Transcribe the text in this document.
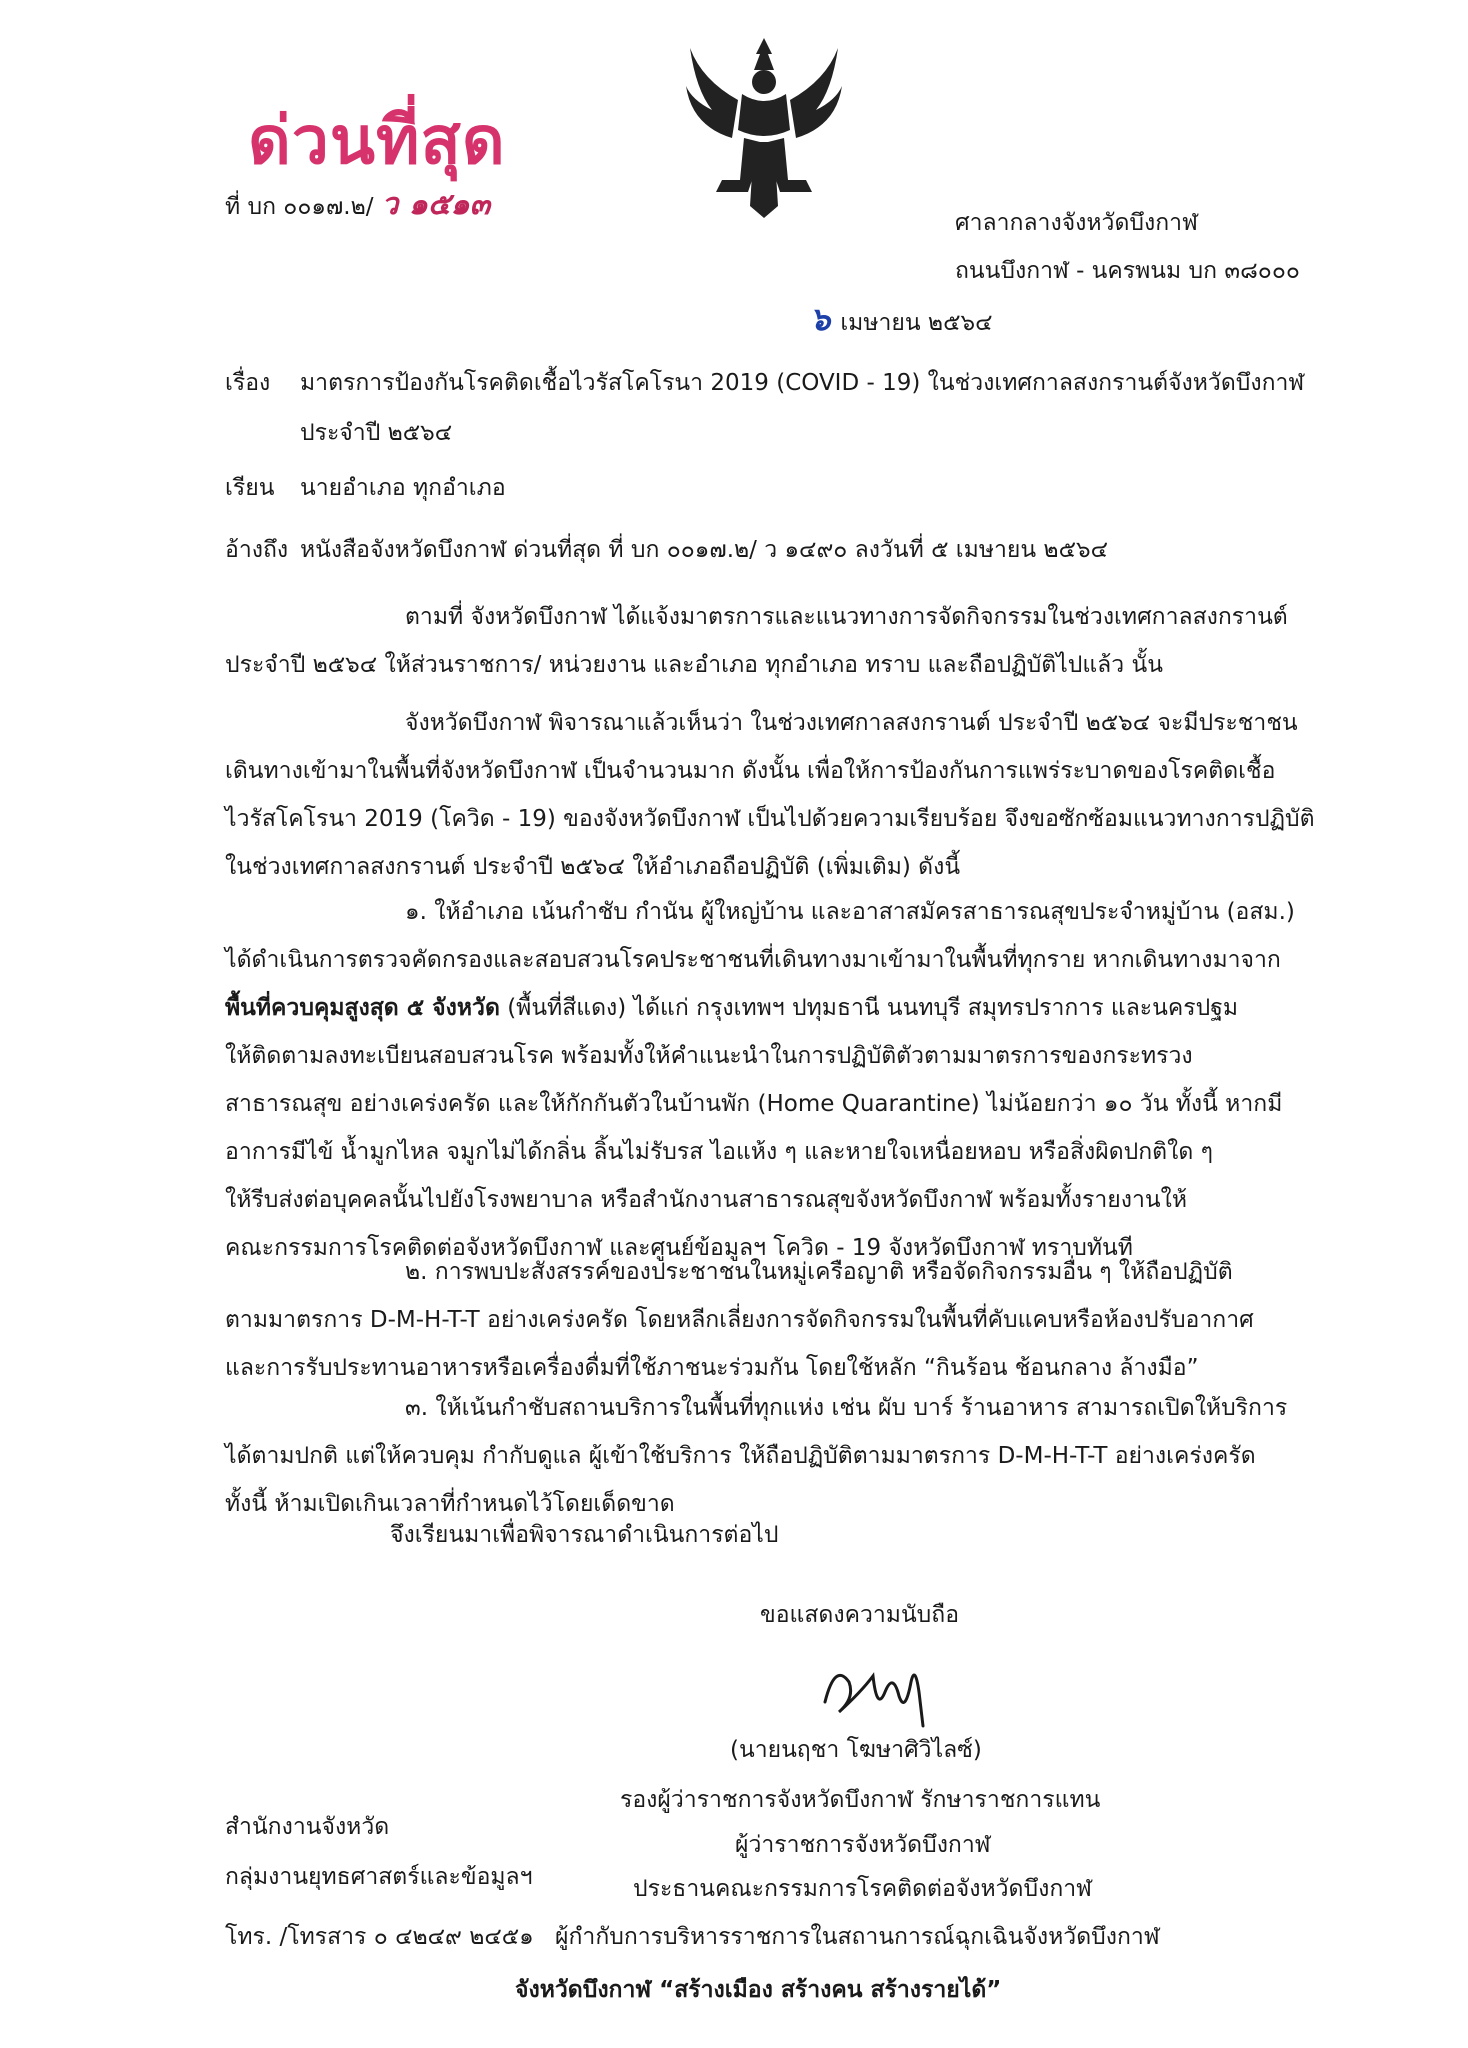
ด่วนที่สุด
ที่ บก ๐๐๑๗.๒/ ว ๑๕๑๓
ศาลากลางจังหวัดบึงกาฬ
ถนนบึงกาฬ - นครพนม บก ๓๘๐๐๐
๖ เมษายน ๒๕๖๔
เรื่อง มาตรการป้องกันโรคติดเชื้อไวรัสโคโรนา 2019 (COVID - 19) ในช่วงเทศกาลสงกรานต์จังหวัดบึงกาฬ
ประจำปี ๒๕๖๔
เรียน นายอำเภอ ทุกอำเภอ
อ้างถึง หนังสือจังหวัดบึงกาฬ ด่วนที่สุด ที่ บก ๐๐๑๗.๒/ ว ๑๔๙๐ ลงวันที่ ๕ เมษายน ๒๕๖๔
ตามที่ จังหวัดบึงกาฬ ได้แจ้งมาตรการและแนวทางการจัดกิจกรรมในช่วงเทศกาลสงกรานต์
ประจำปี ๒๕๖๔ ให้ส่วนราชการ/ หน่วยงาน และอำเภอ ทุกอำเภอ ทราบ และถือปฏิบัติไปแล้ว นั้น
จังหวัดบึงกาฬ พิจารณาแล้วเห็นว่า ในช่วงเทศกาลสงกรานต์ ประจำปี ๒๕๖๔ จะมีประชาชน
เดินทางเข้ามาในพื้นที่จังหวัดบึงกาฬ เป็นจำนวนมาก ดังนั้น เพื่อให้การป้องกันการแพร่ระบาดของโรคติดเชื้อ
ไวรัสโคโรนา 2019 (โควิด - 19) ของจังหวัดบึงกาฬ เป็นไปด้วยความเรียบร้อย จึงขอซักซ้อมแนวทางการปฏิบัติ
ในช่วงเทศกาลสงกรานต์ ประจำปี ๒๕๖๔ ให้อำเภอถือปฏิบัติ (เพิ่มเติม) ดังนี้
๑. ให้อำเภอ เน้นกำชับ กำนัน ผู้ใหญ่บ้าน และอาสาสมัครสาธารณสุขประจำหมู่บ้าน (อสม.)
ได้ดำเนินการตรวจคัดกรองและสอบสวนโรคประชาชนที่เดินทางมาเข้ามาในพื้นที่ทุกราย หากเดินทางมาจาก
พื้นที่ควบคุมสูงสุด ๕ จังหวัด (พื้นที่สีแดง) ได้แก่ กรุงเทพฯ ปทุมธานี นนทบุรี สมุทรปราการ และนครปฐม
ให้ติดตามลงทะเบียนสอบสวนโรค พร้อมทั้งให้คำแนะนำในการปฏิบัติตัวตามมาตรการของกระทรวง
สาธารณสุข อย่างเคร่งครัด และให้กักกันตัวในบ้านพัก (Home Quarantine) ไม่น้อยกว่า ๑๐ วัน ทั้งนี้ หากมี
อาการมีไข้ น้ำมูกไหล จมูกไม่ได้กลิ่น ลิ้นไม่รับรส ไอแห้ง ๆ และหายใจเหนื่อยหอบ หรือสิ่งผิดปกติใด ๆ
ให้รีบส่งต่อบุคคลนั้นไปยังโรงพยาบาล หรือสำนักงานสาธารณสุขจังหวัดบึงกาฬ พร้อมทั้งรายงานให้
คณะกรรมการโรคติดต่อจังหวัดบึงกาฬ และศูนย์ข้อมูลฯ โควิด - 19 จังหวัดบึงกาฬ ทราบทันที
๒. การพบปะสังสรรค์ของประชาชนในหมู่เครือญาติ หรือจัดกิจกรรมอื่น ๆ ให้ถือปฏิบัติ
ตามมาตรการ D-M-H-T-T อย่างเคร่งครัด โดยหลีกเลี่ยงการจัดกิจกรรมในพื้นที่คับแคบหรือห้องปรับอากาศ
และการรับประทานอาหารหรือเครื่องดื่มที่ใช้ภาชนะร่วมกัน โดยใช้หลัก “กินร้อน ช้อนกลาง ล้างมือ”
๓. ให้เน้นกำชับสถานบริการในพื้นที่ทุกแห่ง เช่น ผับ บาร์ ร้านอาหาร สามารถเปิดให้บริการ
ได้ตามปกติ แต่ให้ควบคุม กำกับดูแล ผู้เข้าใช้บริการ ให้ถือปฏิบัติตามมาตรการ D-M-H-T-T อย่างเคร่งครัด
ทั้งนี้ ห้ามเปิดเกินเวลาที่กำหนดไว้โดยเด็ดขาด
จึงเรียนมาเพื่อพิจารณาดำเนินการต่อไป
ขอแสดงความนับถือ
(นายนฤชา โฆษาศิวิไลซ์)
รองผู้ว่าราชการจังหวัดบึงกาฬ รักษาราชการแทน
ผู้ว่าราชการจังหวัดบึงกาฬ
ประธานคณะกรรมการโรคติดต่อจังหวัดบึงกาฬ
ผู้กำกับการบริหารราชการในสถานการณ์ฉุกเฉินจังหวัดบึงกาฬ
สำนักงานจังหวัด
กลุ่มงานยุทธศาสตร์และข้อมูลฯ
โทร. /โทรสาร ๐ ๔๒๔๙ ๒๔๕๑
จังหวัดบึงกาฬ “สร้างเมือง สร้างคน สร้างรายได้”
